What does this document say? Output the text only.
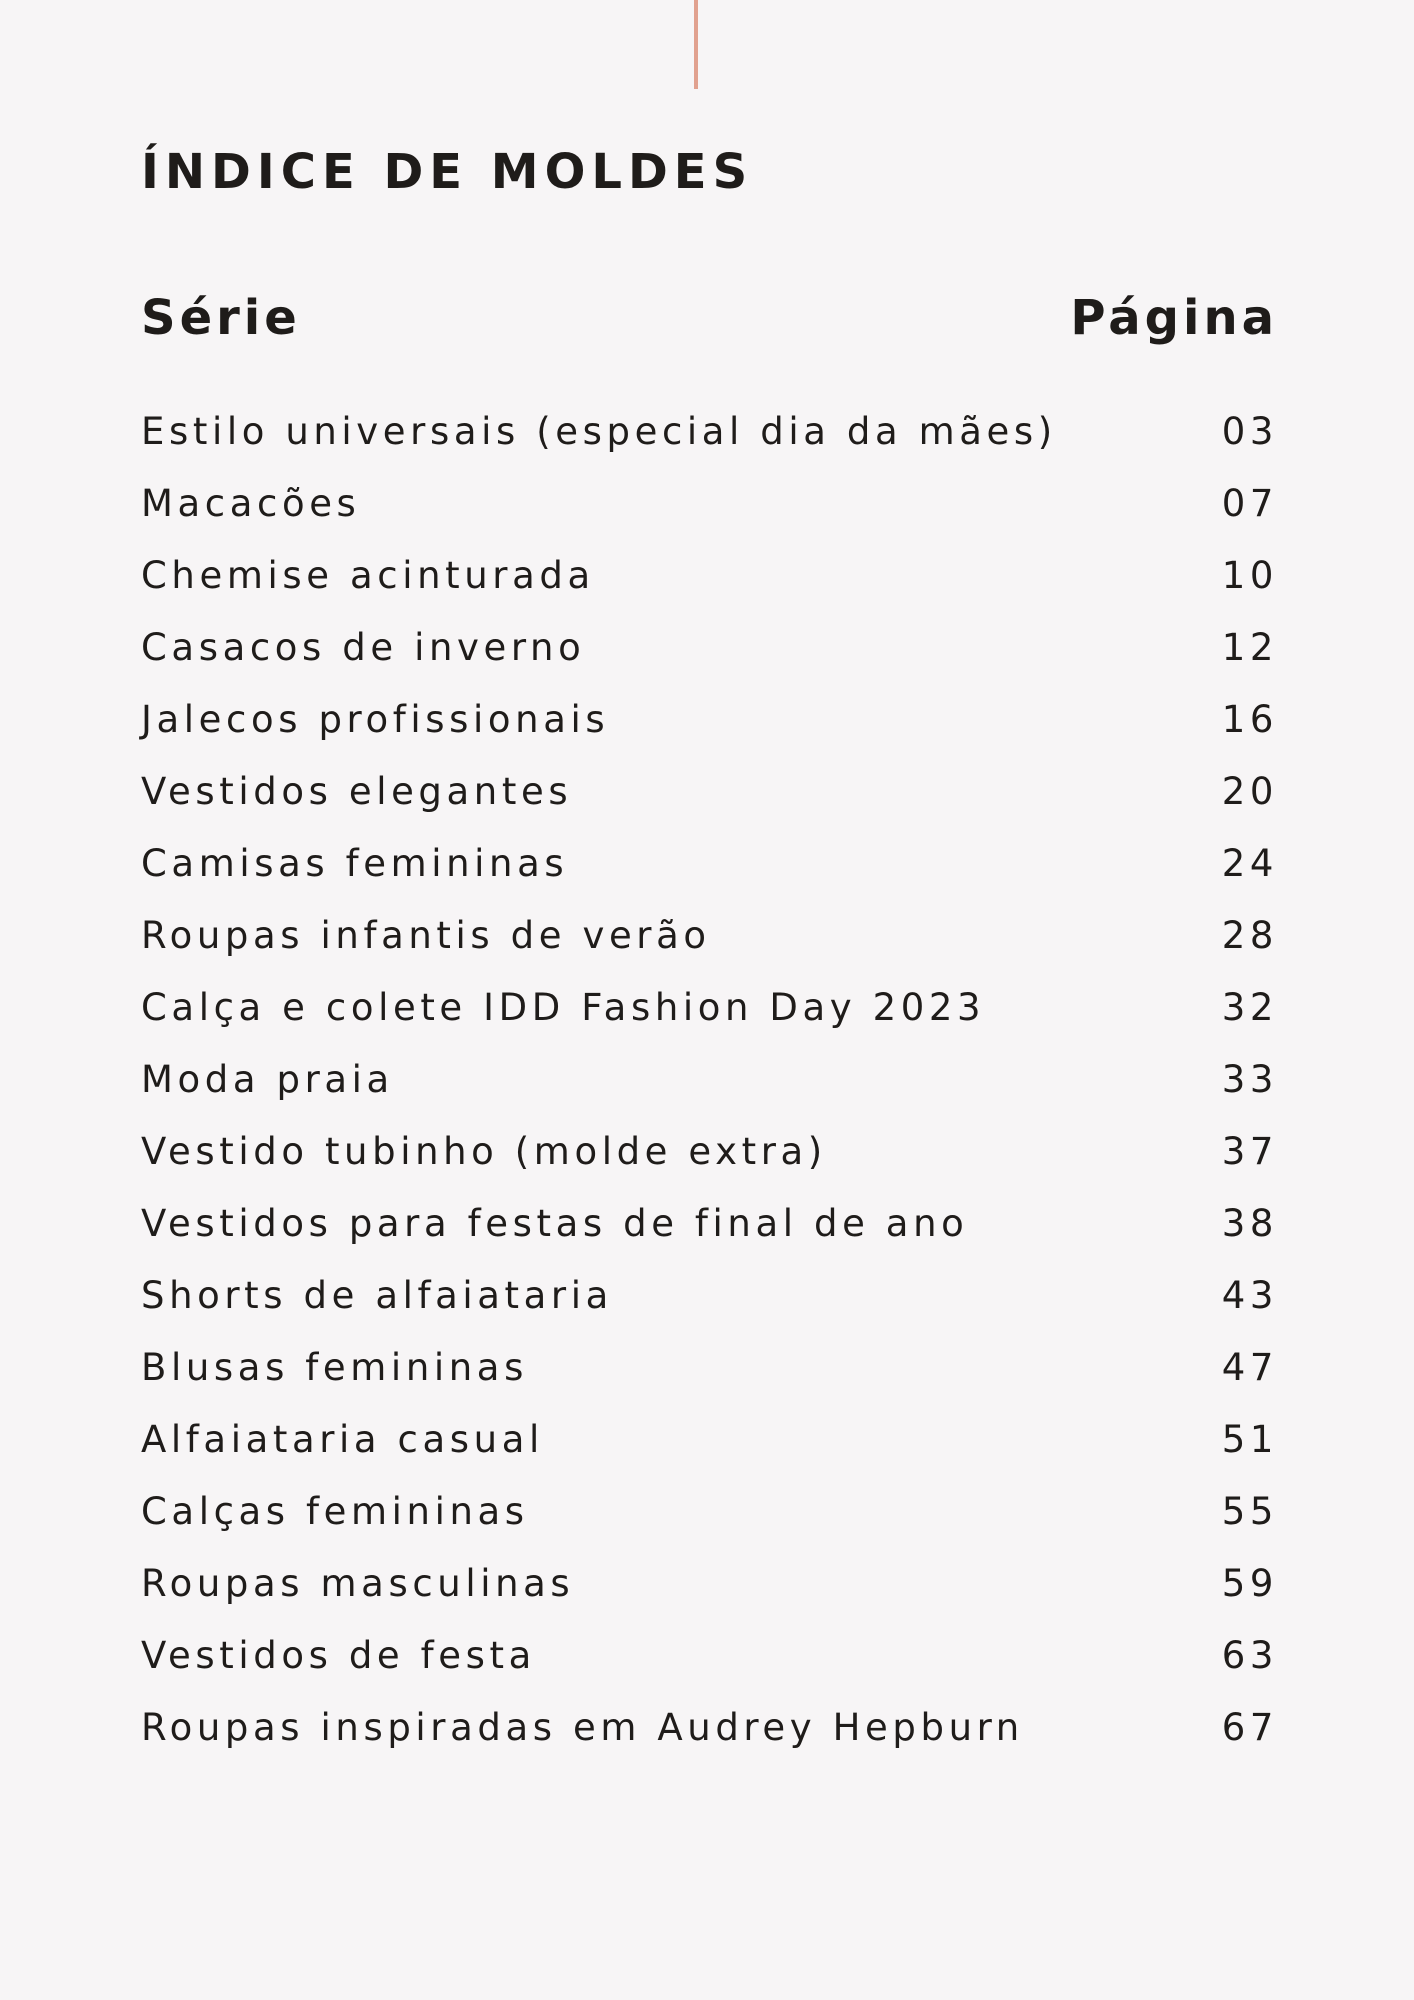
ÍNDICE DE MOLDES
Série	Página
Estilo universais (especial dia da mães)	03
Macacões	07
Chemise acinturada	10
Casacos de inverno	12
Jalecos profissionais	16
Vestidos elegantes	20
Camisas femininas	24
Roupas infantis de verão	28
Calça e colete IDD Fashion Day 2023	32
Moda praia	33
Vestido tubinho (molde extra)	37
Vestidos para festas de final de ano	38
Shorts de alfaiataria	43
Blusas femininas	47
Alfaiataria casual	51
Calças femininas	55
Roupas masculinas	59
Vestidos de festa	63
Roupas inspiradas em Audrey Hepburn	67
